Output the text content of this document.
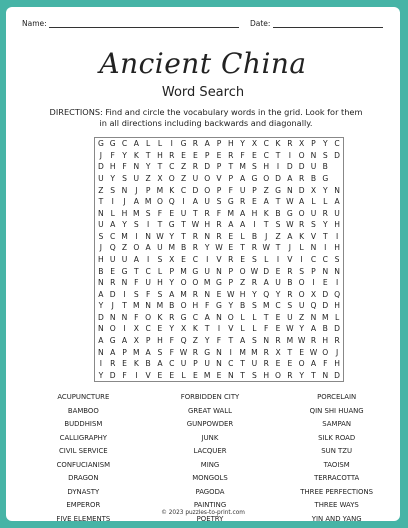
Name:	Date:
Ancient China
Word Search
DIRECTIONS: Find and circle the vocabulary words in the grid. Look for them in all directions including backwards and diagonally.
G G C A L L	I	G R A P H Y X C K R X P Y C
J	F Y K T H R E E P E R F E C T	I	O N S D
D H F N Y T C Z R D P T M S H	I	D D U B
U Y S U Z X O Z U O V P A G O D A R B G
Z S N	J	P M K C D O P F U P Z G N D X Y N
T	I	J	A M O Q	I	A U S G R E A T W A L L A
N L H M S F E U T R F M A H K B G O U R U
U A Y S	I	T G T W H R A A	I	T S W R S Y H
S C M I	N W Y T R N R E L B	J	Z A K V T	I
J	Q Z O A U M B R Y W E T R W T	J	L N	I	H
H U U A	I	S X E C	I	V R E S L	I	V	I	C C S
B E G T C L P M G U N P O W D E R S P N N
N R N F U H Y O O M G P Z R A U B O	I	E	I
A D	I	S F S A M R N E W H Y Q Y R O X D Q
Y	J	T M N M B O H F G Y B S M C S U Q D H
D N N F O K R G C A N O L L T E U Z N M L
N O	I	X C E Y X K T	I	V L L F E W Y A B D
A G A X P H F Q Z Y F T A S N R M W R H R
N A P M A S F W R G N	I M M R X T E W O	J
I	R E K B A C U P U N C T U R E E O A F H
Y D F	I	V E E L E M E N T S H O R Y T N D
ACUPUNCTURE	FORBIDDEN CITY	PORCELAIN
BAMBOO	GREAT WALL	QIN SHI HUANG
BUDDHISM	GUNPOWDER	SAMPAN
CALLIGRAPHY	JUNK	SILK ROAD
CIVIL SERVICE	LACQUER	SUN TZU
CONFUCIANISM	MING	TAOISM
DRAGON	MONGOLS	TERRACOTTA
DYNASTY	PAGODA	THREE PERFECTIONS
EMPEROR	PAINTING	THREE WAYS
FIVE ELEMENTS	POETRY	YIN AND YANG
© 2023 puzzles-to-print.com
